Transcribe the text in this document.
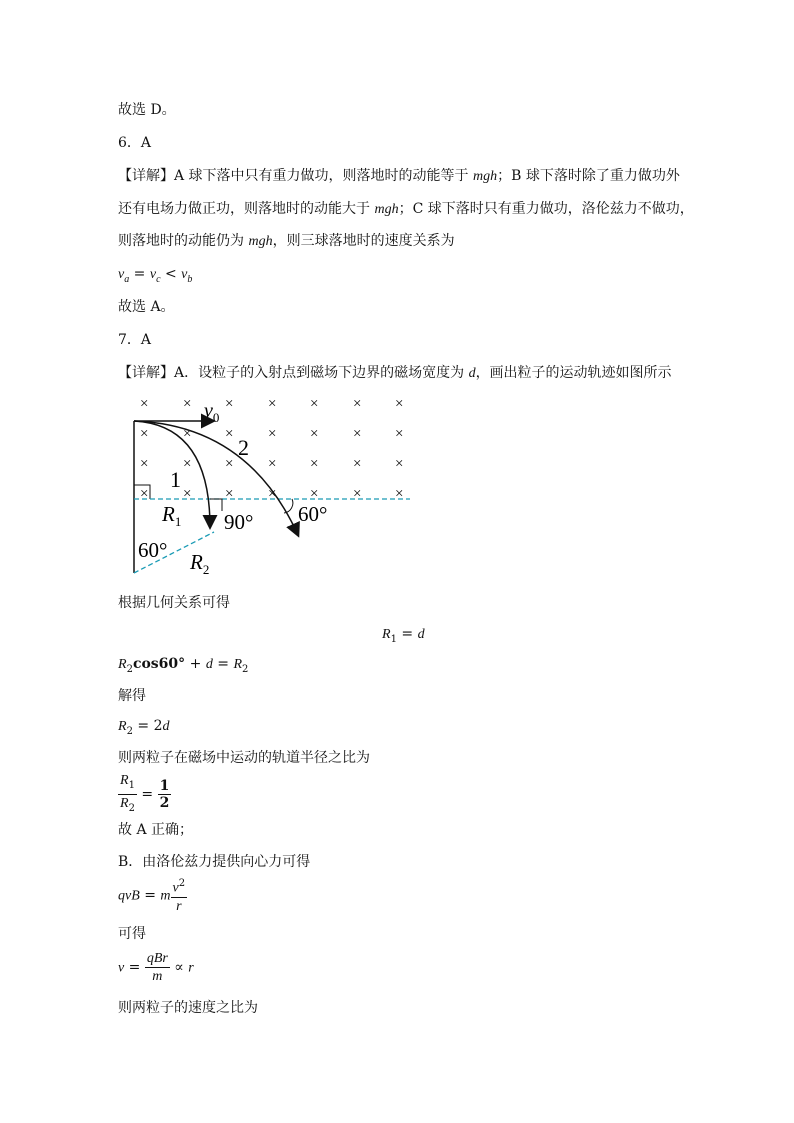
故选 D。
6．A
【详解】A 球下落中只有重力做功，则落地时的动能等于 mgh；B 球下落时除了重力做功外
还有电场力做正功，则落地时的动能大于 mgh；C 球下落时只有重力做功，洛伦兹力不做功，
则落地时的动能仍为 mgh，则三球落地时的速度关系为
$v_a = v_c < v_b$
故选 A。
7．A
【详解】A．设粒子的入射点到磁场下边界的磁场宽度为 d，画出粒子的运动轨迹如图所示
× × × × × × ×
× × × × × × ×
× × × × × × ×
× × × × × × ×
$v_0$
2
1
$R_1$ 90° 60°
60° $R_2$
根据几何关系可得
$R_1 = d$
$R_2\cos 60^\circ + d = R_2$
解得
$R_2 = 2d$
则两粒子在磁场中运动的轨道半径之比为
$\frac{R_1}{R_2} = \frac{1}{2}$
故 A 正确；
B．由洛伦兹力提供向心力可得
qvB = m $\frac{v^2}{r}$
可得
$v = \frac{\text{qBr}}{m} \propto r$
则两粒子的速度之比为
